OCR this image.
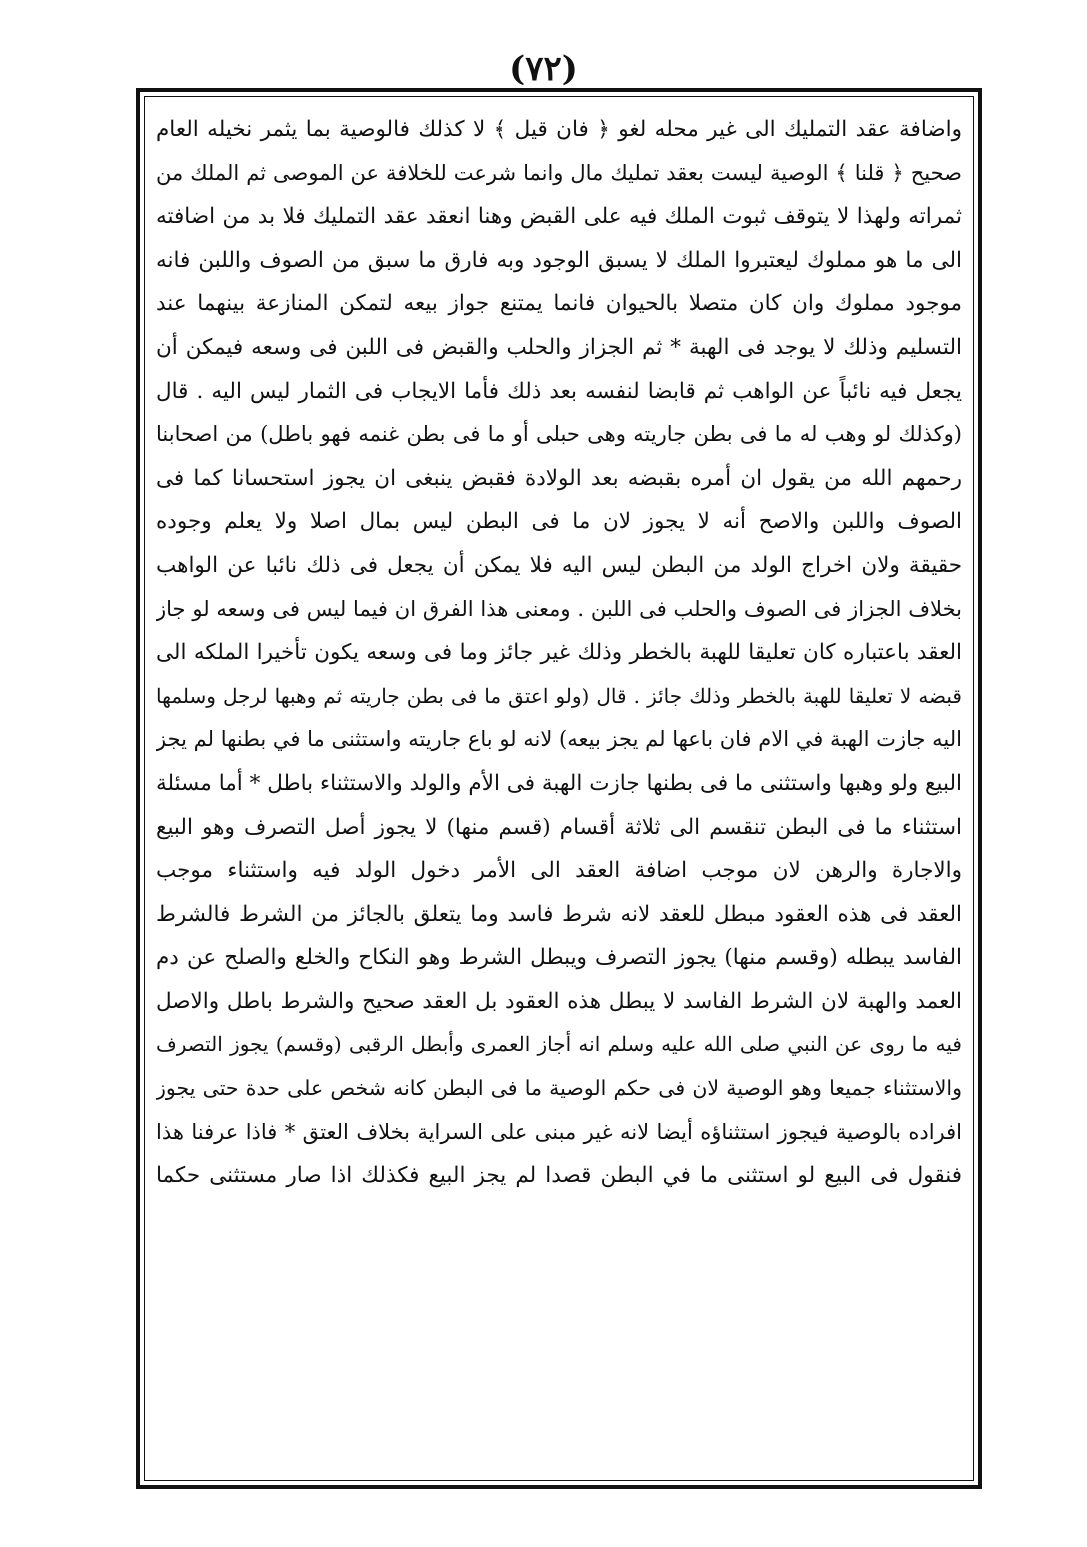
(٧٢)
واضافة عقد التمليك الى غير محله لغو ﴿ فان قيل ﴾ لا كذلك فالوصية بما يثمر نخيله العام
صحيح ﴿ قلنا ﴾ الوصية ليست بعقد تمليك مال وانما شرعت للخلافة عن الموصى ثم الملك من
ثمراته ولهذا لا يتوقف ثبوت الملك فيه على القبض وهنا انعقد عقد التمليك فلا بد من اضافته
الى ما هو مملوك ليعتبروا الملك لا يسبق الوجود وبه فارق ما سبق من الصوف واللبن فانه
موجود مملوك وان كان متصلا بالحيوان فانما يمتنع جواز بيعه لتمكن المنازعة بينهما عند
التسليم وذلك لا يوجد فى الهبة * ثم الجزاز والحلب والقبض فى اللبن فى وسعه فيمكن أن
يجعل فيه نائباً عن الواهب ثم قابضا لنفسه بعد ذلك فأما الايجاب فى الثمار ليس اليه . قال
(وكذلك لو وهب له ما فى بطن جاريته وهى حبلى أو ما فى بطن غنمه فهو باطل) من اصحابنا
رحمهم الله من يقول ان أمره بقبضه بعد الولادة فقبض ينبغى ان يجوز استحسانا كما فى
الصوف واللبن والاصح أنه لا يجوز لان ما فى البطن ليس بمال اصلا ولا يعلم وجوده
حقيقة ولان اخراج الولد من البطن ليس اليه فلا يمكن أن يجعل فى ذلك نائبا عن الواهب
بخلاف الجزاز فى الصوف والحلب فى اللبن . ومعنى هذا الفرق ان فيما ليس فى وسعه لو جاز
العقد باعتباره كان تعليقا للهبة بالخطر وذلك غير جائز وما فى وسعه يكون تأخيرا الملكه الى
قبضه لا تعليقا للهبة بالخطر وذلك جائز . قال (ولو اعتق ما فى بطن جاريته ثم وهبها لرجل وسلمها
اليه جازت الهبة في الام فان باعها لم يجز بيعه) لانه لو باع جاريته واستثنى ما في بطنها لم يجز
البيع ولو وهبها واستثنى ما فى بطنها جازت الهبة فى الأم والولد والاستثناء باطل * أما مسئلة
استثناء ما فى البطن تنقسم الى ثلاثة أقسام (قسم منها) لا يجوز أصل التصرف وهو البيع
والاجارة والرهن لان موجب اضافة العقد الى الأمر دخول الولد فيه واستثناء موجب
العقد فى هذه العقود مبطل للعقد لانه شرط فاسد وما يتعلق بالجائز من الشرط فالشرط
الفاسد يبطله (وقسم منها) يجوز التصرف ويبطل الشرط وهو النكاح والخلع والصلح عن دم
العمد والهبة لان الشرط الفاسد لا يبطل هذه العقود بل العقد صحيح والشرط باطل والاصل
فيه ما روى عن النبي صلى الله عليه وسلم انه أجاز العمرى وأبطل الرقبى (وقسم) يجوز التصرف
والاستثناء جميعا وهو الوصية لان فى حكم الوصية ما فى البطن كانه شخص على حدة حتى يجوز
افراده بالوصية فيجوز استثناؤه أيضا لانه غير مبنى على السراية بخلاف العتق * فاذا عرفنا هذا
فنقول فى البيع لو استثنى ما في البطن قصدا لم يجز البيع فكذلك اذا صار مستثنى حكما
